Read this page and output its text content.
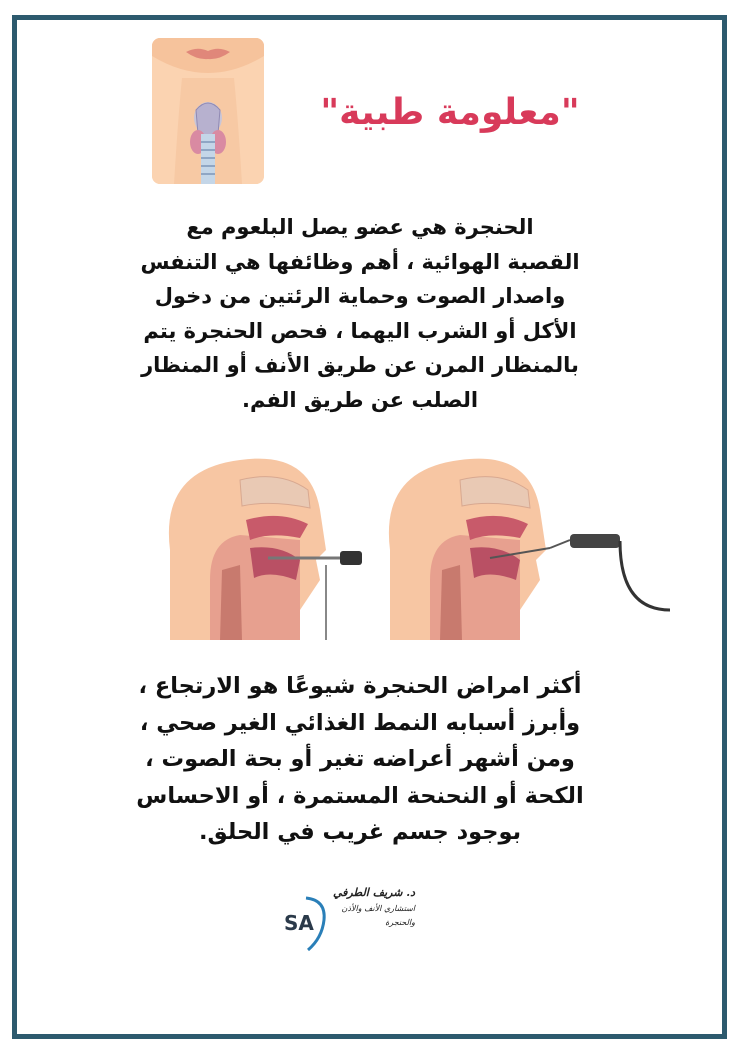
"معلومة طبية"
الحنجرة هي عضو يصل البلعوم مع
القصبة الهوائية ، أهم وظائفها هي التنفس
واصدار الصوت وحماية الرئتين من دخول
الأكل أو الشرب اليهما ، فحص الحنجرة يتم
بالمنظار المرن عن طريق الأنف أو المنظار
الصلب عن طريق الفم.
أكثر امراض الحنجرة شيوعًا هو الارتجاع ،
وأبرز أسبابه النمط الغذائي الغير صحي ،
ومن أشهر أعراضه تغير أو بحة الصوت ،
الكحة أو النحنحة المستمرة ، أو الاحساس
بوجود جسم غريب في الحلق.
SA
د. شريف الطرفي
استشاري الأنف والأذن
والحنجرة
